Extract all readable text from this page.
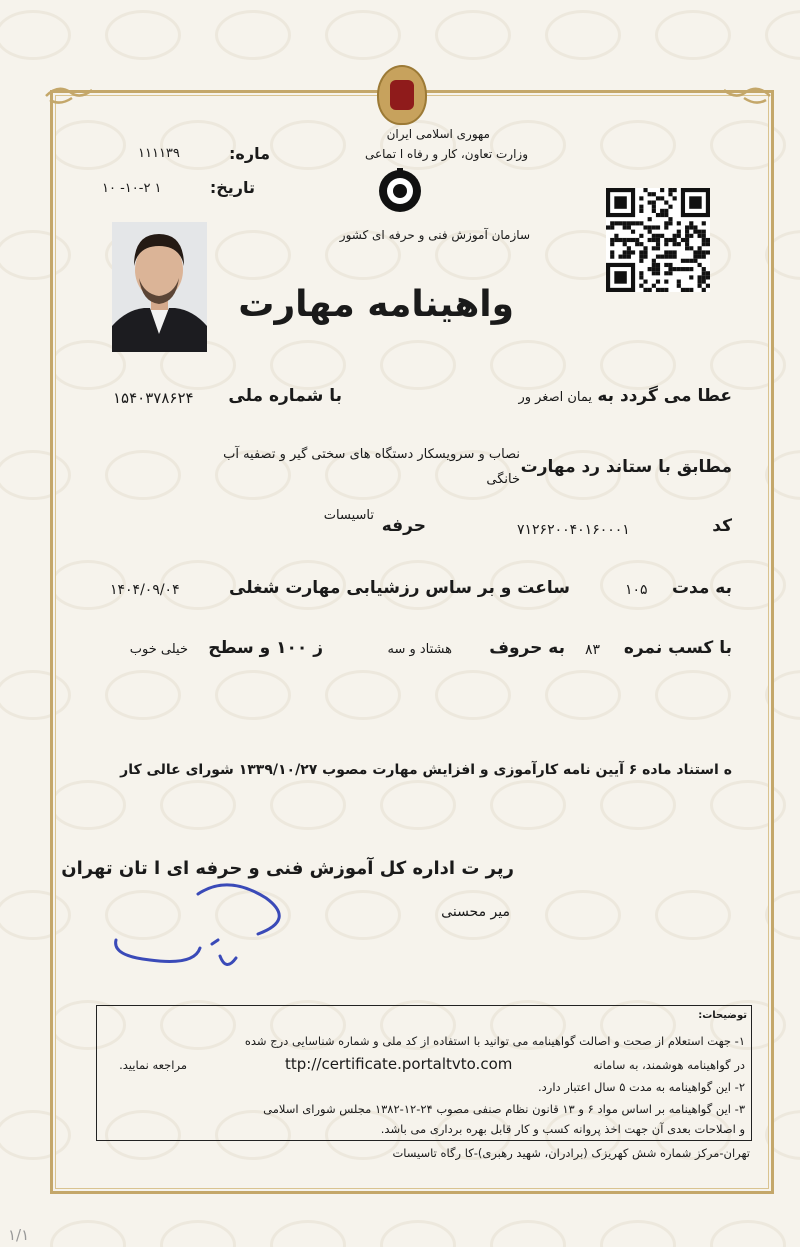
مهوری اسلامی ایران
وزارت تعاون، کار و رفاه ا تماعی
سازمان آموزش فنی و حرفه ای کشور
ماره:
۱۱۱۱۳۹
تاریخ:
۱۰ -۱۰-۲ ۱
واهینامه مهارت
عطا می گردد به
یمان اصغر ور
با شماره ملی
۱۵۴۰۳۷۸۶۲۴
مطابق با ستاند رد مهارت
نصاب و سرویسکار دستگاه های سختی گیر و تصفیه آب
خانگی
کد
۷۱۲۶۲۰۰۴۰۱۶۰۰۰۱
حرفه
تاسیسات
به مدت
۱۰۵
ساعت و بر ساس رزشیابی مهارت شغلی
۱۴۰۴/۰۹/۰۴
با کسب نمره
۸۳
به حروف
هشتاد و سه
ز ۱۰۰ و سطح
خیلی خوب
ه استناد ماده ۶ آیین نامه کارآموزی و افزایش مهارت مصوب ۱۳۳۹/۱۰/۲۷ شورای عالی کار
رپر ت اداره کل آموزش فنی و حرفه ای ا تان تهران
میر محسنی
توضیحات:
۱- جهت استعلام از صحت و اصالت گواهینامه می توانید با استفاده از کد ملی و شماره شناسایی درج شده
در گواهینامه هوشمند، به سامانه
ttp://certificate.portaltvto.com
مراجعه نمایید.
۲- این گواهینامه به مدت ۵ سال اعتبار دارد.
۳- این گواهینامه بر اساس مواد ۶ و ۱۳ قانون نظام صنفی مصوب ۲۴-۱۲-۱۳۸۲ مجلس شورای اسلامی
و اصلاحات بعدی آن جهت اخذ پروانه کسب و کار قابل بهره برداری می باشد.
تهران-مرکز شماره شش کهریزک (برادران، شهید رهبری)-کا رگاه تاسیسات
۱/۱
